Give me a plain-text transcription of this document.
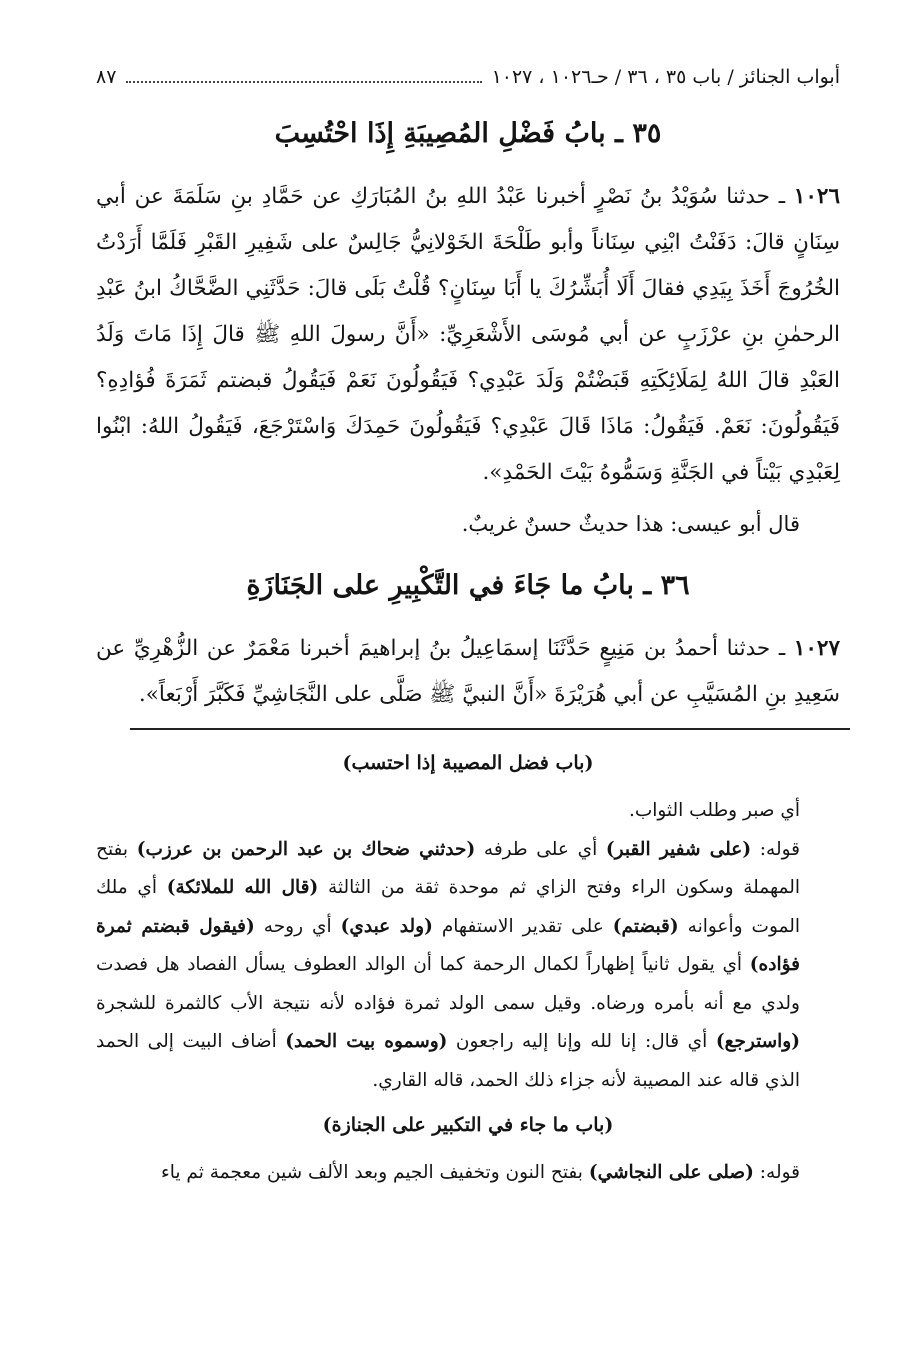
أبواب الجنائز / باب ٣٥ ، ٣٦ / حـ١٠٢٦ ، ١٠٢٧
٨٧
٣٥ ـ بابُ فَضْلِ المُصِيبَةِ إِذَا احْتُسِبَ

١٠٢٦ ـ حدثنا سُوَيْدُ بنُ نَصْرٍ أخبرنا عَبْدُ اللهِ بنُ المُبَارَكِ عن حَمَّادِ بنِ سَلَمَةَ عن أبي سِنَانٍ قالَ: دَفَنْتُ ابْنِي سِنَاناً وأبو طَلْحَةَ الخَوْلانِيُّ جَالِسٌ على شَفِيرِ القَبْرِ فَلَمَّا أَرَدْتُ الخُرُوجَ أَخَذَ بِيَدِي فقالَ أَلَا أُبَشِّرُكَ يا أَبَا سِنَانٍ؟ قُلْتُ بَلَى قالَ: حَدَّثَنِي الضَّحَّاكُ ابنُ عَبْدِ الرحمٰنِ بنِ عرْزَبٍ عن أبي مُوسَى الأَشْعَرِيِّ: «أَنَّ رسولَ اللهِ ﷺ قالَ إِذَا مَاتَ وَلَدُ العَبْدِ قالَ اللهُ لِمَلَائِكَتِهِ قَبَضْتُمْ وَلَدَ عَبْدِي؟ فَيَقُولُونَ نَعَمْ فَيَقُولُ قبضتم ثَمَرَةَ فُؤادِهِ؟ فَيَقُولُونَ: نَعَمْ. فَيَقُولُ: مَاذَا قَالَ عَبْدِي؟ فَيَقُولُونَ حَمِدَكَ وَاسْتَرْجَعَ، فَيَقُولُ اللهُ: ابْنُوا لِعَبْدِي بَيْتاً في الجَنَّةِ وَسَمُّوهُ بَيْتَ الحَمْدِ».

قال أبو عيسى: هذا حديثٌ حسنٌ غريبٌ.

٣٦ ـ بابُ ما جَاءَ في التَّكْبِيرِ على الجَنَازَةِ

١٠٢٧ ـ حدثنا أحمدُ بن مَنِيعٍ حَدَّثَنَا إسمَاعِيلُ بنُ إبراهيمَ أخبرنا مَعْمَرٌ عن الزُّهْرِيِّ عن سَعِيدِ بنِ المُسَيَّبِ عن أبي هُرَيْرَةَ «أَنَّ النبيَّ ﷺ صَلَّى على النَّجَاشِيِّ فَكَبَّرَ أَرْبَعاً».

(باب فضل المصيبة إذا احتسب)

أي صبر وطلب الثواب.

قوله: (على شفير القبر) أي على طرفه (حدثني ضحاك بن عبد الرحمن بن عرزب) بفتح المهملة وسكون الراء وفتح الزاي ثم موحدة ثقة من الثالثة (قال الله للملائكة) أي ملك الموت وأعوانه (قبضتم) على تقدير الاستفهام (ولد عبدي) أي روحه (فيقول قبضتم ثمرة فؤاده) أي يقول ثانياً إظهاراً لكمال الرحمة كما أن الوالد العطوف يسأل الفصاد هل فصدت ولدي مع أنه بأمره ورضاه. وقيل سمى الولد ثمرة فؤاده لأنه نتيجة الأب كالثمرة للشجرة (واسترجع) أي قال: إنا لله وإنا إليه راجعون (وسموه بيت الحمد) أضاف البيت إلى الحمد الذي قاله عند المصيبة لأنه جزاء ذلك الحمد، قاله القاري.

(باب ما جاء في التكبير على الجنازة)

قوله: (صلى على النجاشي) بفتح النون وتخفيف الجيم وبعد الألف شين معجمة ثم ياء
